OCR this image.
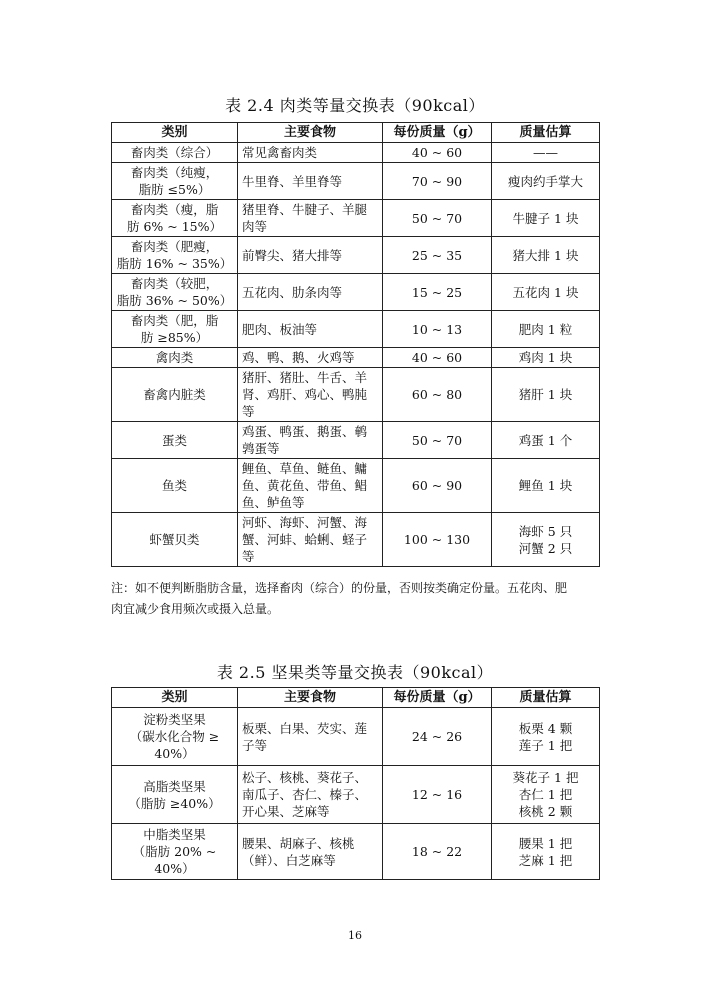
表 2.4 肉类等量交换表（90kcal）
类别	主要食物	每份质量（g）	质量估算

畜肉类（综合）	常见禽畜肉类	40 ~ 60	——

畜肉类（纯瘦，
脂肪 ≤5%）	牛里脊、羊里脊等	70 ~ 90	瘦肉约手掌大

畜肉类（瘦，脂
肪 6% ~ 15%）	猪里脊、牛腱子、羊腿
肉等	50 ~ 70	牛腱子 1 块

畜肉类（肥瘦，
脂肪 16% ~ 35%）	前臀尖、猪大排等	25 ~ 35	猪大排 1 块

畜肉类（较肥，
脂肪 36% ~ 50%）	五花肉、肋条肉等	15 ~ 25	五花肉 1 块

畜肉类（肥，脂
肪 ≥85%）	肥肉、板油等	10 ~ 13	肥肉 1 粒

禽肉类	鸡、鸭、鹅、火鸡等	40 ~ 60	鸡肉 1 块

畜禽内脏类	猪肝、猪肚、牛舌、羊
肾、鸡肝、鸡心、鸭肫
等	60 ~ 80	猪肝 1 块

蛋类	鸡蛋、鸭蛋、鹅蛋、鹌
鹑蛋等	50 ~ 70	鸡蛋 1 个

鱼类	鲤鱼、草鱼、鲢鱼、鳙
鱼、黄花鱼、带鱼、鲳
鱼、鲈鱼等	60 ~ 90	鲤鱼 1 块

虾蟹贝类	河虾、海虾、河蟹、海
蟹、河蚌、蛤蜊、蛏子
等	100 ~ 130	海虾 5 只
河蟹 2 只
注：如不便判断脂肪含量，选择畜肉（综合）的份量，否则按类确定份量。五花肉、肥
肉宜减少食用频次或摄入总量。
表 2.5 坚果类等量交换表（90kcal）
类别	主要食物	每份质量（g）	质量估算

淀粉类坚果
（碳水化合物 ≥
40%）	板栗、白果、芡实、莲
子等	24 ~ 26	板栗 4 颗
莲子 1 把

高脂类坚果
（脂肪 ≥40%）	松子、核桃、葵花子、
南瓜子、杏仁、榛子、
开心果、芝麻等	12 ~ 16	葵花子 1 把
杏仁 1 把
核桃 2 颗

中脂类坚果
（脂肪 20% ~
40%）	腰果、胡麻子、核桃
（鲜）、白芝麻等	18 ~ 22	腰果 1 把
芝麻 1 把
16
